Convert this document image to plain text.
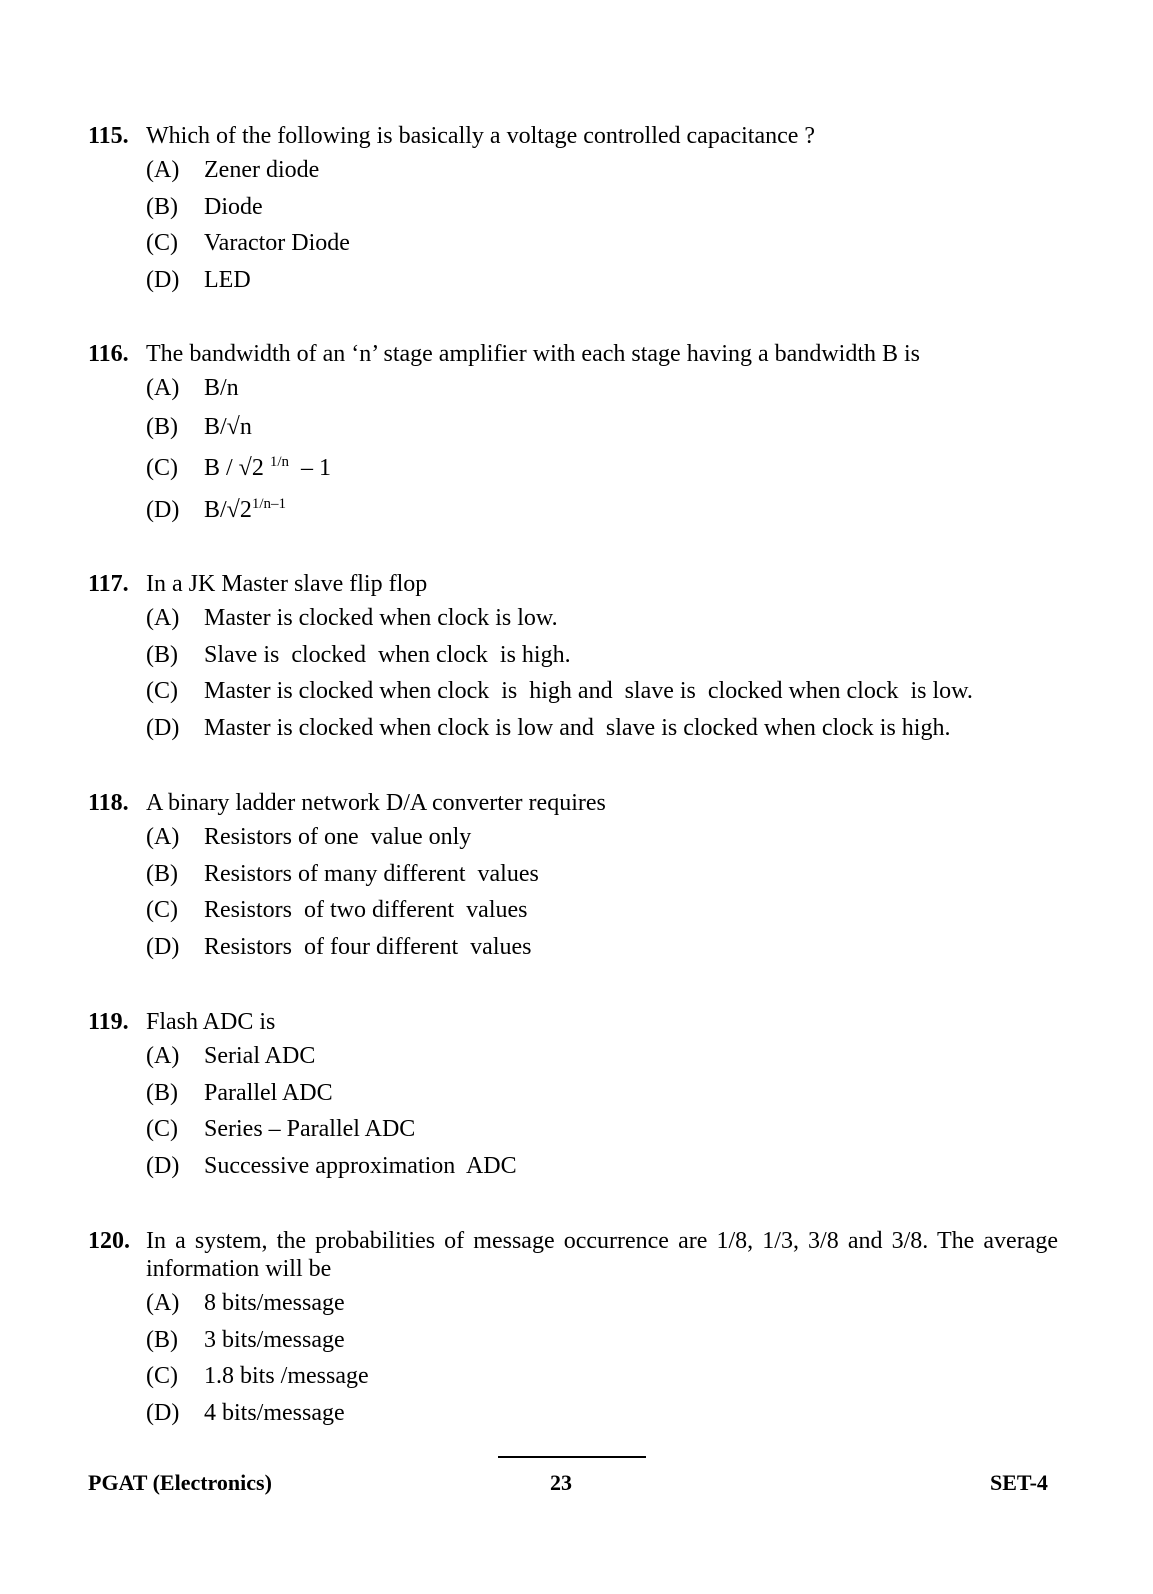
115. Which of the following is basically a voltage controlled capacitance ?
(A)	Zener diode
(B)	Diode
(C)	Varactor Diode
(D)	LED
116. The bandwidth of an ‘n’ stage amplifier with each stage having a bandwidth B is
(A)	B/n
(B)	B/√n
(C)	B / √2 $^{1/n}$  – 1
(D)	$B/√2^{1/n-1}$
117. In a JK Master slave flip flop
(A)	Master is clocked when clock is low.
(B)	Slave is  clocked  when clock  is high.
(C)	Master is clocked when clock  is  high and  slave is  clocked when clock  is low.
(D)	Master is clocked when clock is low and  slave is clocked when clock is high.
118. A binary ladder network D/A converter requires
(A)	Resistors of one  value only
(B)	Resistors of many different  values
(C)	Resistors  of two different  values
(D)	Resistors  of four different  values
119. Flash ADC is
(A)	Serial ADC
(B)	Parallel ADC
(C)	Series – Parallel ADC
(D)	Successive approximation  ADC
120. In a system, the probabilities of message occurrence are 1/8, 1/3, 3/8 and 3/8. The average information will be
(A)	8 bits/message
(B)	3 bits/message
(C)	1.8 bits /message
(D)	4 bits/message
PGAT (Electronics)	23	SET-4
